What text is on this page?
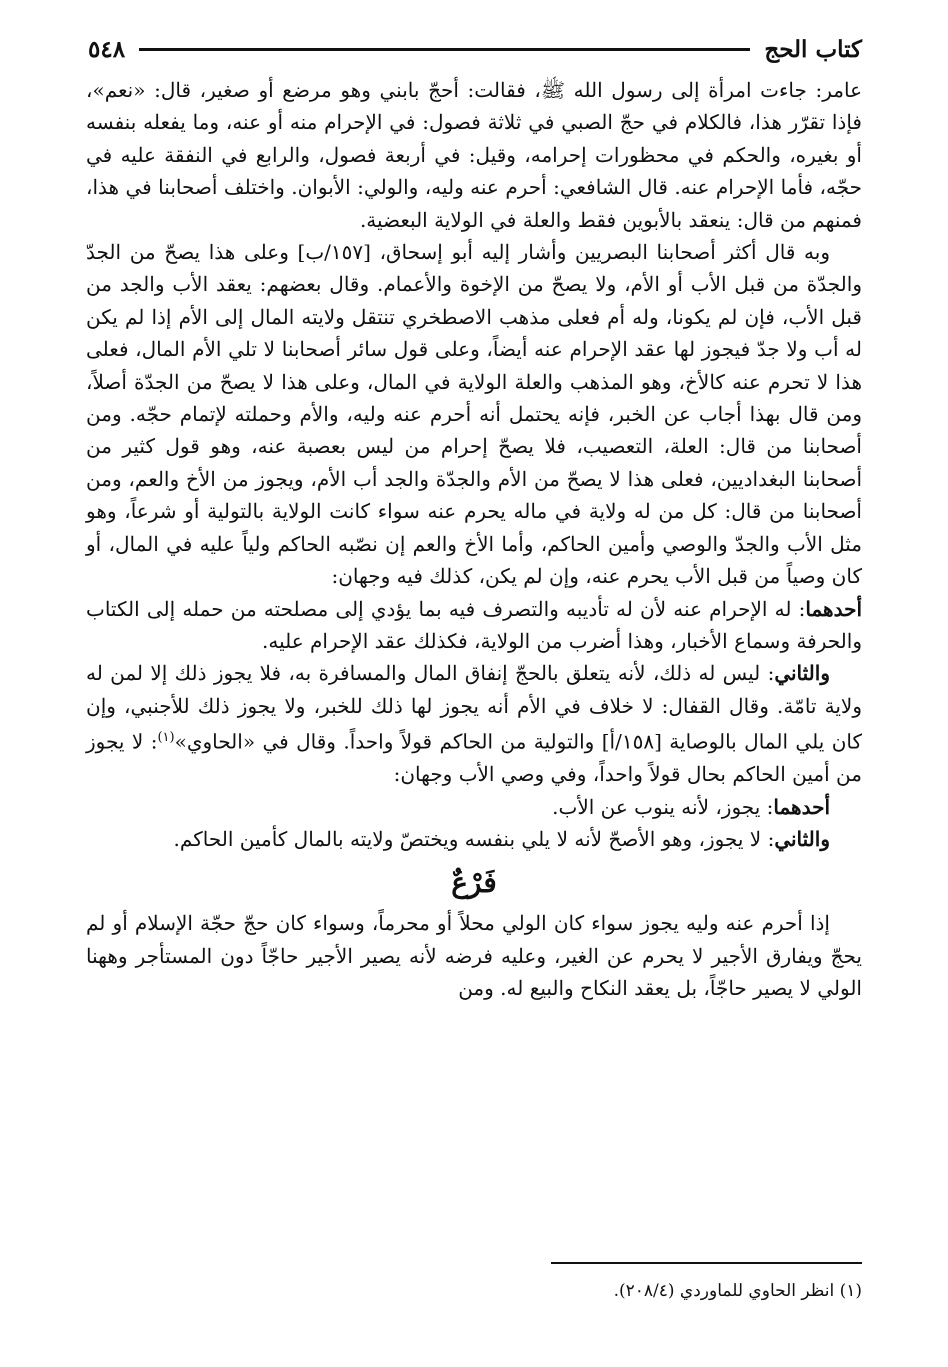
كتاب الحج
٥٤٨

عامر: جاءت امرأة إلى رسول الله ﷺ، فقالت: أحجّ بابني وهو مرضع أو صغير، قال: «نعم»، فإذا تقرّر هذا، فالكلام في حجّ الصبي في ثلاثة فصول: في الإحرام منه أو عنه، وما يفعله بنفسه أو بغيره، والحكم في محظورات إحرامه، وقيل: في أربعة فصول، والرابع في النفقة عليه في حجّه، فأما الإحرام عنه. قال الشافعي: أحرم عنه وليه، والولي: الأبوان. واختلف أصحابنا في هذا، فمنهم من قال: ينعقد بالأبوين فقط والعلة في الولاية البعضية.

وبه قال أكثر أصحابنا البصريين وأشار إليه أبو إسحاق، [١٥٧/ب] وعلى هذا يصحّ من الجدّ والجدّة من قبل الأب أو الأم، ولا يصحّ من الإخوة والأعمام. وقال بعضهم: يعقد الأب والجد من قبل الأب، فإن لم يكونا، وله أم فعلى مذهب الاصطخري تنتقل ولايته المال إلى الأم إذا لم يكن له أب ولا جدّ فيجوز لها عقد الإحرام عنه أيضاً، وعلى قول سائر أصحابنا لا تلي الأم المال، فعلى هذا لا تحرم عنه كالأخ، وهو المذهب والعلة الولاية في المال، وعلى هذا لا يصحّ من الجدّة أصلاً، ومن قال بهذا أجاب عن الخبر، فإنه يحتمل أنه أحرم عنه وليه، والأم وحملته لإتمام حجّه. ومن أصحابنا من قال: العلة، التعصيب، فلا يصحّ إحرام من ليس بعصبة عنه، وهو قول كثير من أصحابنا البغداديين، فعلى هذا لا يصحّ من الأم والجدّة والجد أب الأم، ويجوز من الأخ والعم، ومن أصحابنا من قال: كل من له ولاية في ماله يحرم عنه سواء كانت الولاية بالتولية أو شرعاً، وهو مثل الأب والجدّ والوصي وأمين الحاكم، وأما الأخ والعم إن نصّبه الحاكم ولياً عليه في المال، أو كان وصياً من قبل الأب يحرم عنه، وإن لم يكن، كذلك فيه وجهان:

أحدهما: له الإحرام عنه لأن له تأديبه والتصرف فيه بما يؤدي إلى مصلحته من حمله إلى الكتاب والحرفة وسماع الأخبار، وهذا أضرب من الولاية، فكذلك عقد الإحرام عليه.

والثاني: ليس له ذلك، لأنه يتعلق بالحجّ إنفاق المال والمسافرة به، فلا يجوز ذلك إلا لمن له ولاية تامّة. وقال القفال: لا خلاف في الأم أنه يجوز لها ذلك للخبر، ولا يجوز ذلك للأجنبي، وإن كان يلي المال بالوصاية [١٥٨/أ] والتولية من الحاكم قولاً واحداً. وقال في «الحاوي»$^{(١)}$: لا يجوز من أمين الحاكم بحال قولاً واحداً، وفي وصي الأب وجهان:

أحدهما: يجوز، لأنه ينوب عن الأب.

والثاني: لا يجوز، وهو الأصحّ لأنه لا يلي بنفسه ويختصّ ولايته بالمال كأمين الحاكم.

فَرْعٌ

إذا أحرم عنه وليه يجوز سواء كان الولي محلاً أو محرماً، وسواء كان حجّ حجّة الإسلام أو لم يحجّ ويفارق الأجير لا يحرم عن الغير، وعليه فرضه لأنه يصير الأجير حاجّاً دون المستأجر وههنا الولي لا يصير حاجّاً، بل يعقد النكاح والبيع له. ومن

(١) انظر الحاوي للماوردي (٢٠٨/٤).
